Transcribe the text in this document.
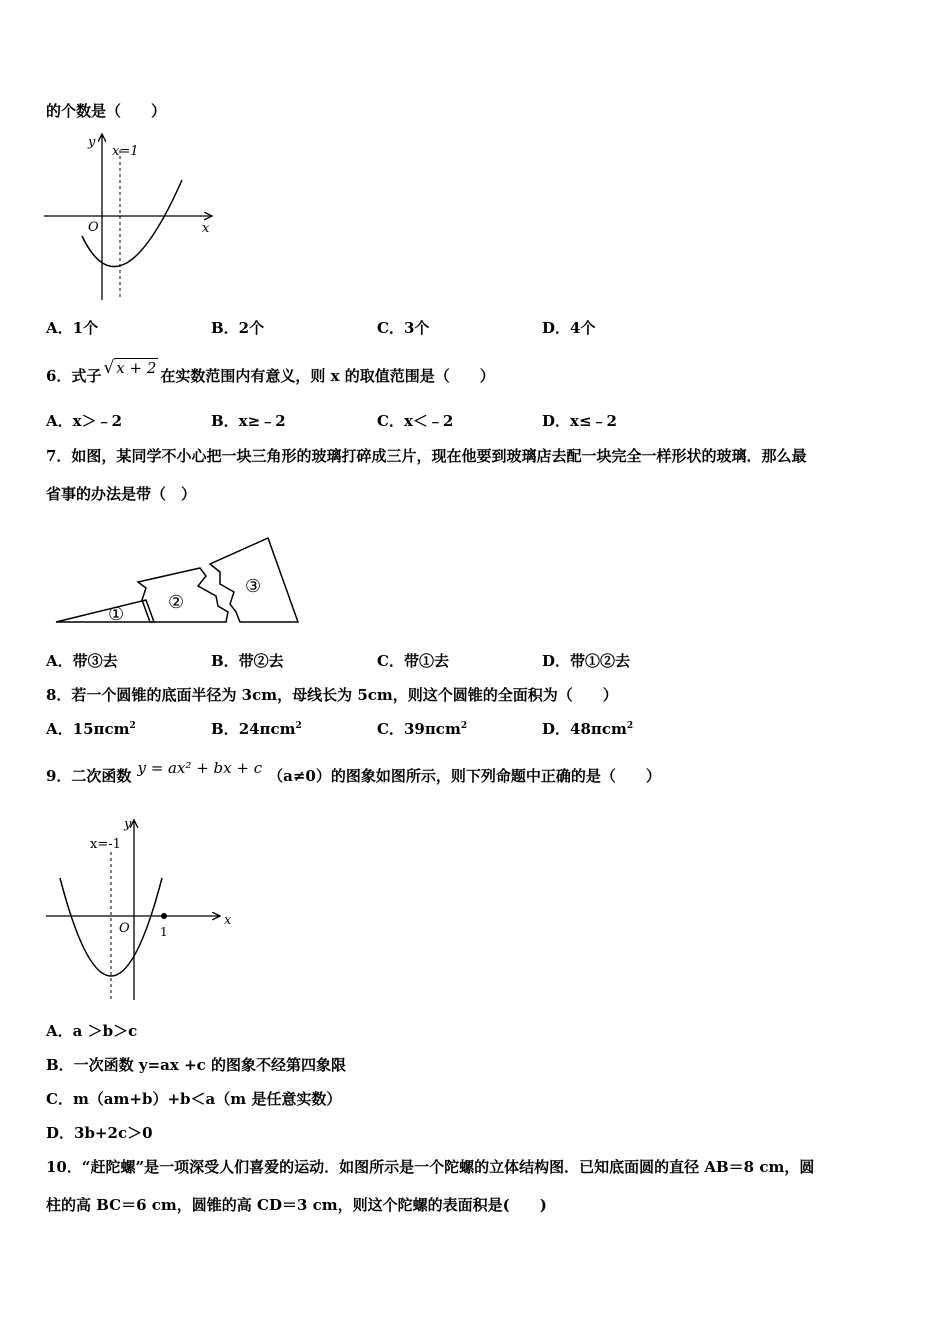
的个数是（　　）
y
x
O
x=1
A．1个	B．2个	C．3个	D．4个
6．式子 √ x + 2 在实数范围内有意义，则 x 的取值范围是（　　）
A．x＞﹣2	B．x≥﹣2	C．x＜﹣2	D．x≤﹣2
7．如图，某同学不小心把一块三角形的玻璃打碎成三片，现在他要到玻璃店去配一块完全一样形状的玻璃．那么最
省事的办法是带（　）
①
②
③
A．带③去	B．带②去	C．带①去	D．带①②去
8．若一个圆锥的底面半径为 3cm，母线长为 5cm，则这个圆锥的全面积为（　　）
A．15πcm$^2$	B．24πcm$^2$	C．39πcm$^2$	D．48πcm$^2$
9．二次函数 y = ax² + bx + c （a≠0）的图象如图所示，则下列命题中正确的是（　　）
y
x
O
x=-1
1
A．a ＞b＞c
B．一次函数 y=ax +c 的图象不经第四象限
C．m（am+b）+b＜a（m 是任意实数）
D．3b+2c＞0
10．“赶陀螺”是一项深受人们喜爱的运动．如图所示是一个陀螺的立体结构图．已知底面圆的直径 AB＝8 cm，圆
柱的高 BC＝6 cm，圆锥的高 CD＝3 cm，则这个陀螺的表面积是(　　)
